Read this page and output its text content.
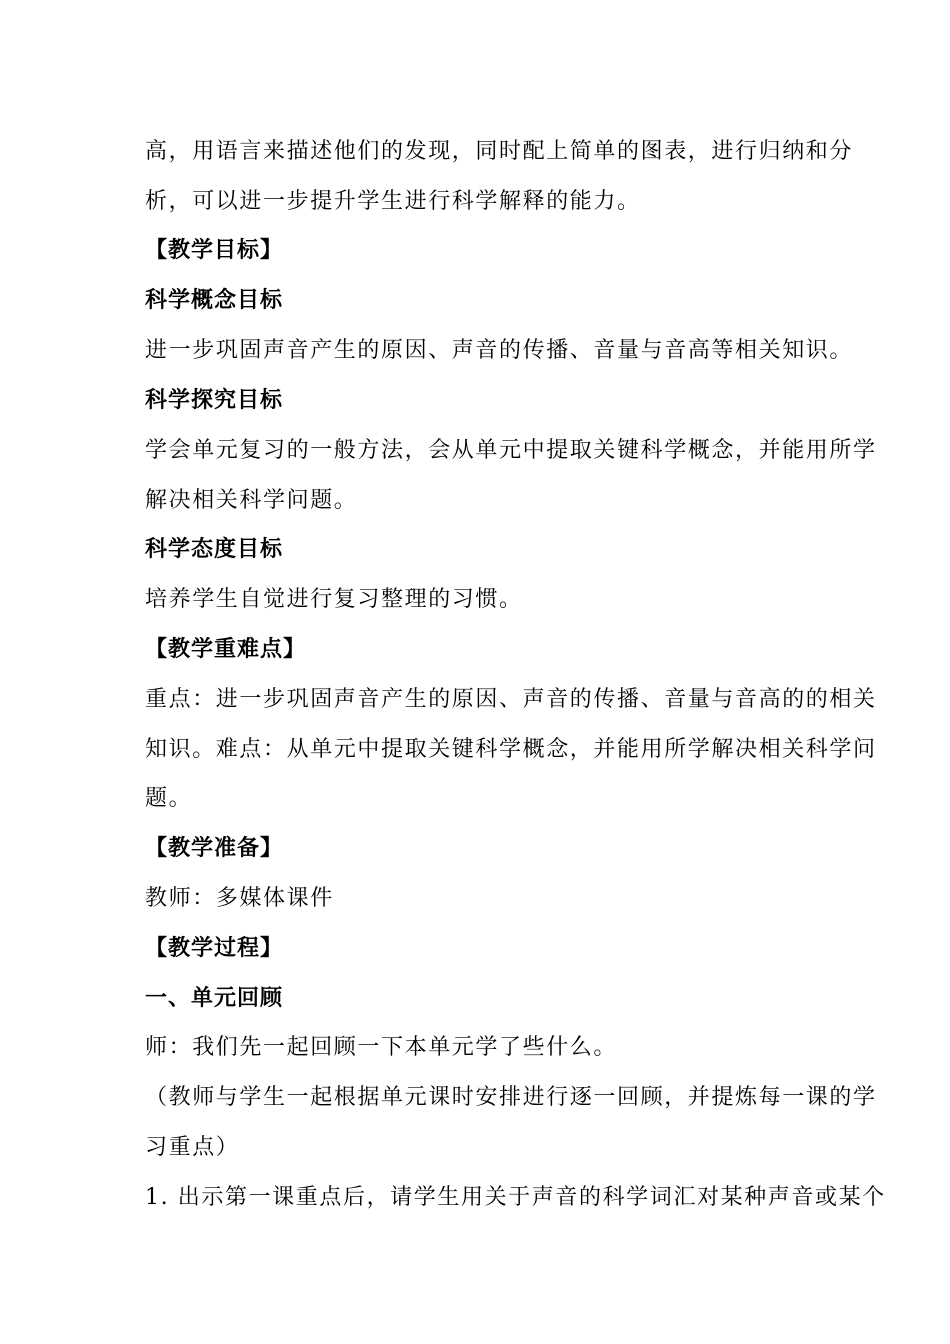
高，用语言来描述他们的发现，同时配上简单的图表，进行归纳和分
析，可以进一步提升学生进行科学解释的能力。
【教学目标】
科学概念目标
进一步巩固声音产生的原因、声音的传播、音量与音高等相关知识。
科学探究目标
学会单元复习的一般方法，会从单元中提取关键科学概念，并能用所学
解决相关科学问题。
科学态度目标
培养学生自觉进行复习整理的习惯。
【教学重难点】
重点：进一步巩固声音产生的原因、声音的传播、音量与音高的的相关
知识。难点：从单元中提取关键科学概念，并能用所学解决相关科学问
题。
【教学准备】
教师：多媒体课件
【教学过程】
一、单元回顾
师：我们先一起回顾一下本单元学了些什么。
（教师与学生一起根据单元课时安排进行逐一回顾，并提炼每一课的学
习重点）
1. 出示第一课重点后，请学生用关于声音的科学词汇对某种声音或某个
